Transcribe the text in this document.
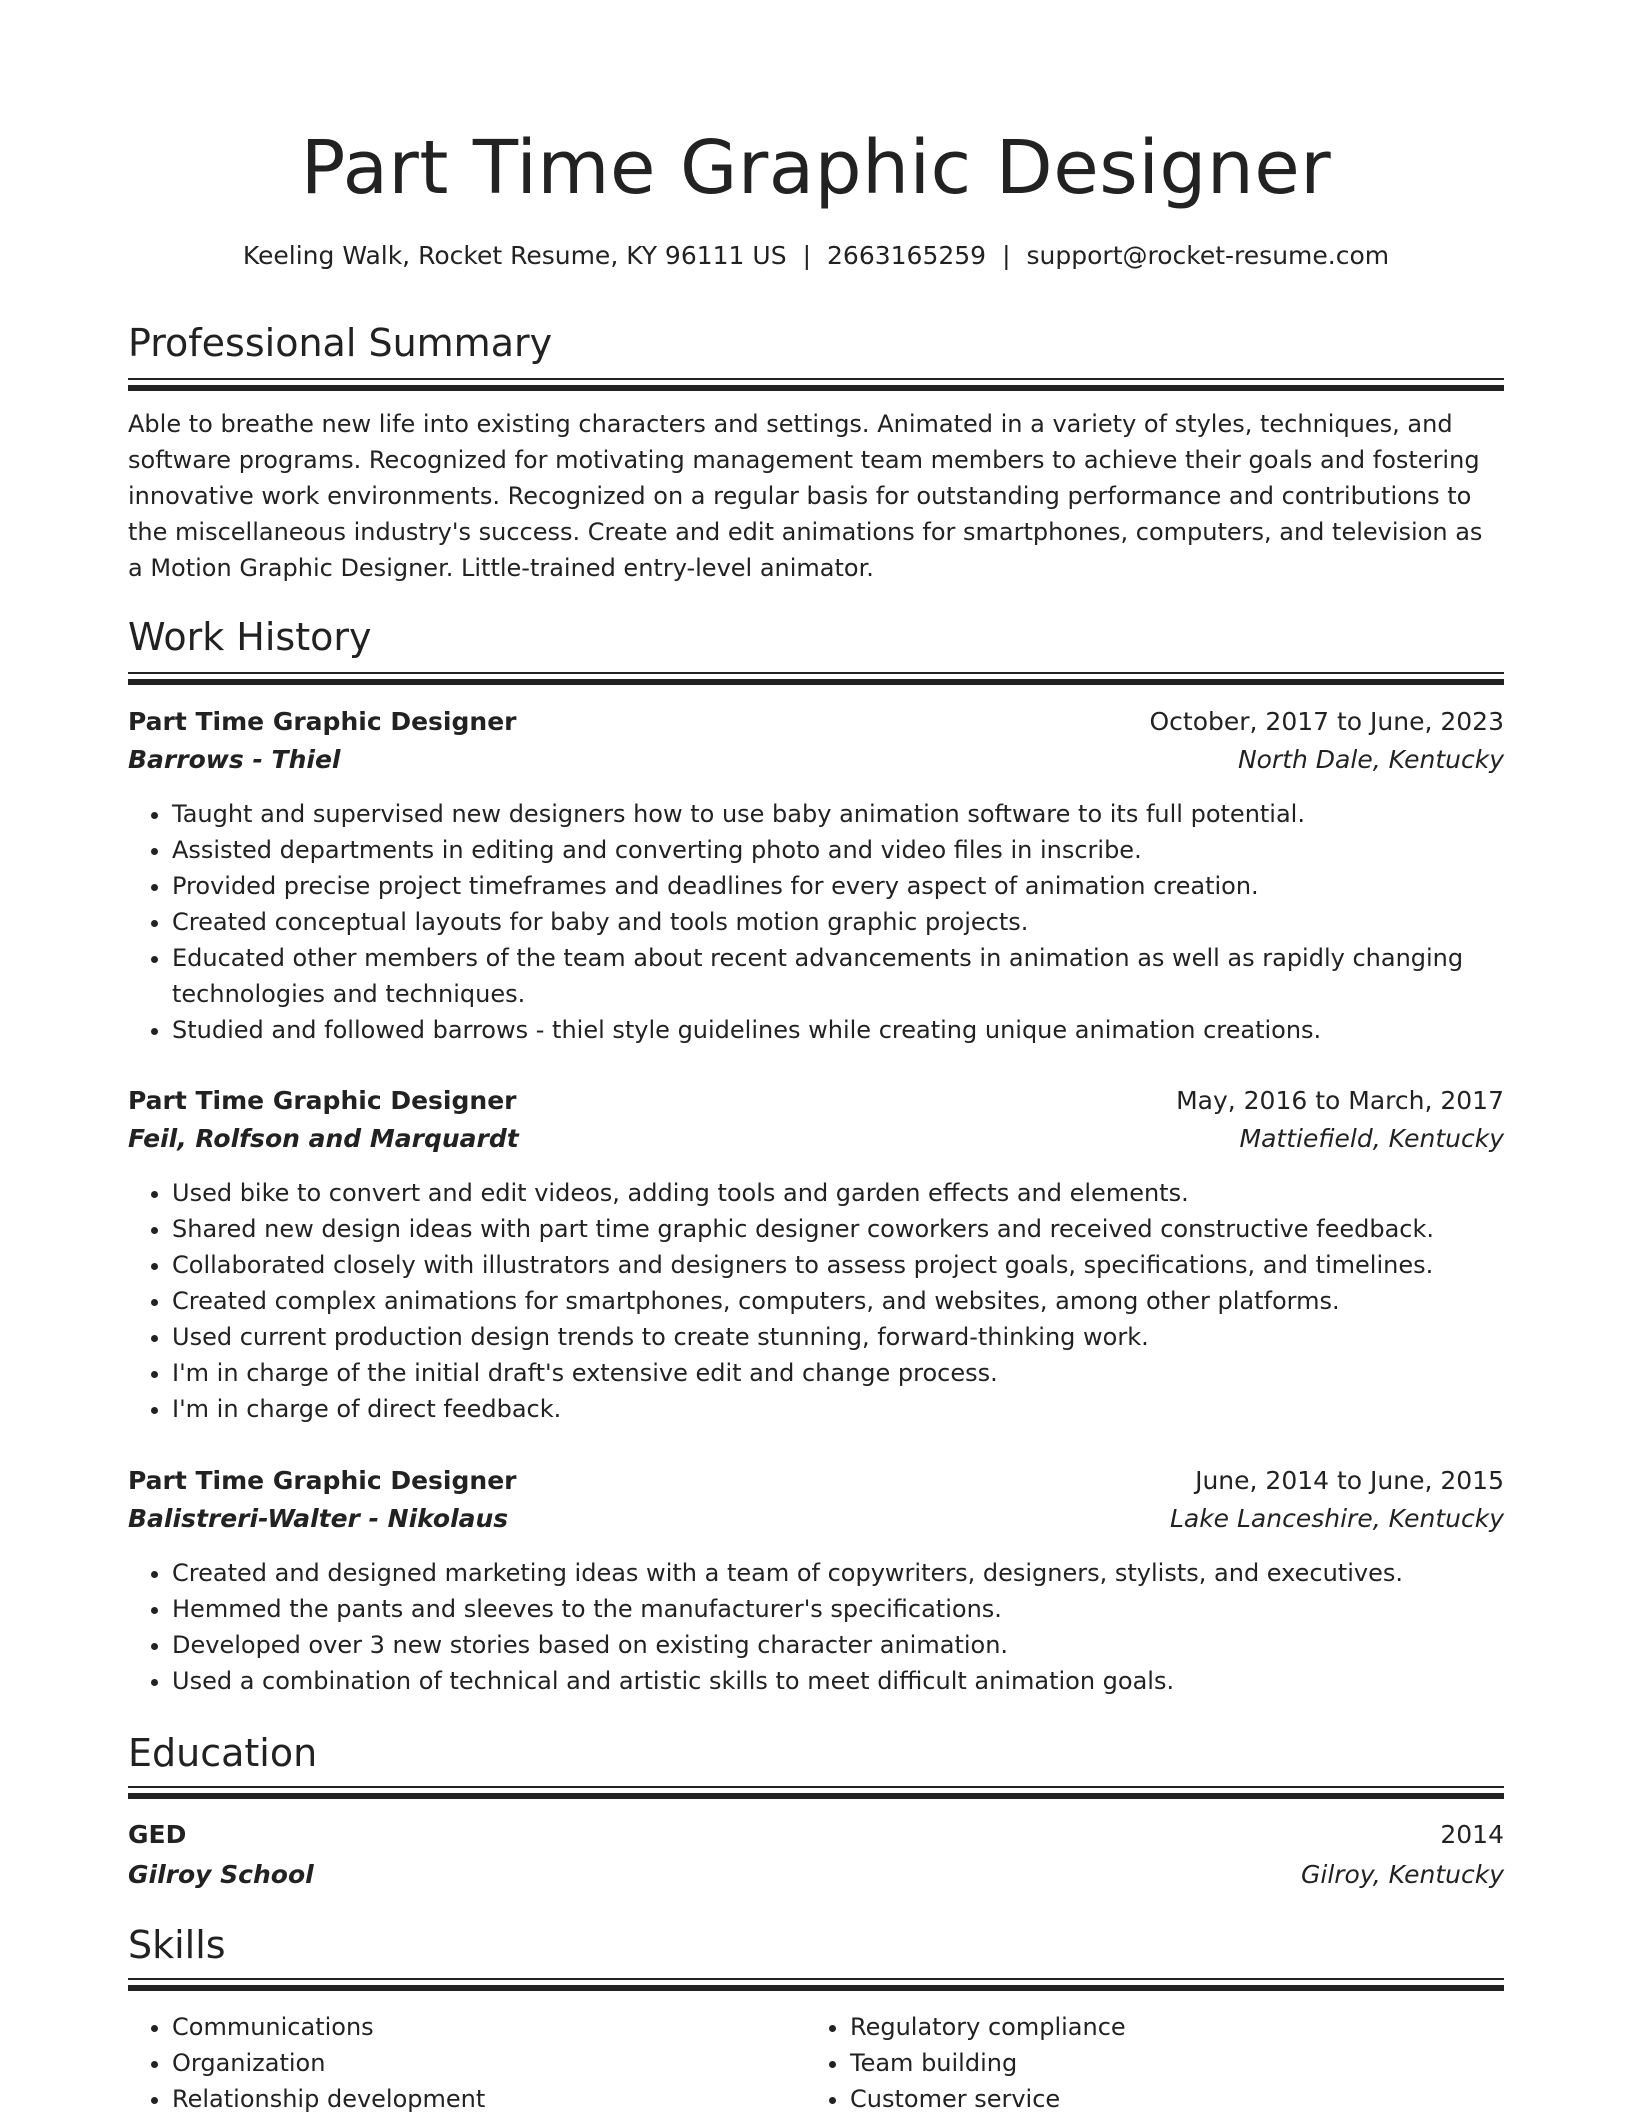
Part Time Graphic Designer
Keeling Walk, Rocket Resume, KY 96111 US | 2663165259 | support@rocket-resume.com
Professional Summary

Able to breathe new life into existing characters and settings. Animated in a variety of styles, techniques, and software programs. Recognized for motivating management team members to achieve their goals and fostering innovative work environments. Recognized on a regular basis for outstanding performance and contributions to the miscellaneous industry's success. Create and edit animations for smartphones, computers, and television as a Motion Graphic Designer. Little-trained entry-level animator.

Work History
Part Time Graphic Designer	October, 2017 to June, 2023
Barrows - Thiel	North Dale, Kentucky
• Taught and supervised new designers how to use baby animation software to its full potential.
• Assisted departments in editing and converting photo and video files in inscribe.
• Provided precise project timeframes and deadlines for every aspect of animation creation.
• Created conceptual layouts for baby and tools motion graphic projects.
• Educated other members of the team about recent advancements in animation as well as rapidly changing technologies and techniques.
• Studied and followed barrows - thiel style guidelines while creating unique animation creations.
Part Time Graphic Designer	May, 2016 to March, 2017
Feil, Rolfson and Marquardt	Mattiefield, Kentucky
• Used bike to convert and edit videos, adding tools and garden effects and elements.
• Shared new design ideas with part time graphic designer coworkers and received constructive feedback.
• Collaborated closely with illustrators and designers to assess project goals, specifications, and timelines.
• Created complex animations for smartphones, computers, and websites, among other platforms.
• Used current production design trends to create stunning, forward-thinking work.
• I'm in charge of the initial draft's extensive edit and change process.
• I'm in charge of direct feedback.
Part Time Graphic Designer	June, 2014 to June, 2015
Balistreri-Walter - Nikolaus	Lake Lanceshire, Kentucky
• Created and designed marketing ideas with a team of copywriters, designers, stylists, and executives.
• Hemmed the pants and sleeves to the manufacturer's specifications.
• Developed over 3 new stories based on existing character animation.
• Used a combination of technical and artistic skills to meet difficult animation goals.
Education
GED	2014
Gilroy School	Gilroy, Kentucky
Skills
• Communications
• Organization
• Relationship development
• Regulatory compliance
• Team building
• Customer service
